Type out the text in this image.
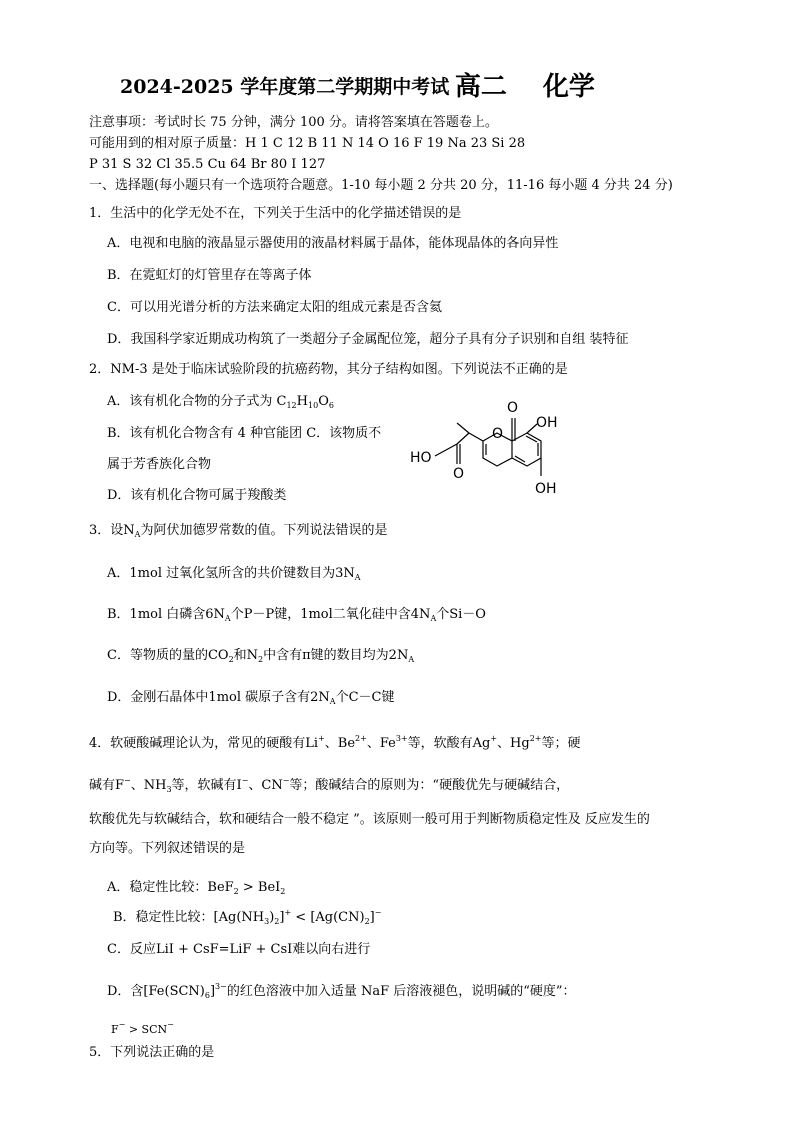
2024-2025 学年度第二学期期中考试 高二 化学
注意事项：考试时长 75 分钟，满分 100 分。请将答案填在答题卷上。
可能用到的相对原子质量：H 1 C 12 B 11 N 14 O 16 F 19 Na 23 Si 28
P 31 S 32 Cl 35.5 Cu 64 Br 80 I 127
一、选择题(每小题只有一个选项符合题意。1-10 每小题 2 分共 20 分，11-16 每小题 4 分共 24 分)
1．生活中的化学无处不在，下列关于生活中的化学描述错误的是
A．电视和电脑的液晶显示器使用的液晶材料属于晶体，能体现晶体的各向异性
B．在霓虹灯的灯管里存在等离子体
C．可以用光谱分析的方法来确定太阳的组成元素是否含氦
D．我国科学家近期成功构筑了一类超分子金属配位笼，超分子具有分子识别和自组 装特征
2．NM-3 是处于临床试验阶段的抗癌药物，其分子结构如图。下列说法不正确的是
A．该有机化合物的分子式为 $C_{12}H_{10}O_6$
B．该有机化合物含有 4 种官能团 C．该物质不
属于芳香族化合物
D．该有机化合物可属于羧酸类
O
OH
HO
O
O
OH
3．设$N_A$为阿伏加德罗常数的值。下列说法错误的是
A．1mol 过氧化氢所含的共价键数目为$3N_A$
B．1mol 白磷含$6N_A$个P－P键，1mol二氧化硅中含$4N_A$个Si－O
C．等物质的量的$CO_2$和$N_2$中含有π键的数目均为$2N_A$
D．金刚石晶体中1mol 碳原子含有$2N_A$个C－C键
4．软硬酸碱理论认为，常见的硬酸有Li+、$Be^{2+}$、$Fe^{3+}$等，软酸有Ag+、$Hg^{2+}$等；硬
碱有F−、$NH_3$等，软碱有I−、CN−等；酸碱结合的原则为：“硬酸优先与硬碱结合，
软酸优先与软碱结合，软和硬结合一般不稳定 ”。该原则一般可用于判断物质稳定性及 反应发生的
方向等。下列叙述错误的是
A．稳定性比较：BeF$_2$ > BeI$_2$
B．稳定性比较：$[Ag(NH_3)_2]^+ < [Ag(CN)_2]^-$
C．反应LiI + CsF=LiF + CsI难以向右进行
D．含$[Fe(SCN)_6]^{3-}$的红色溶液中加入适量 NaF 后溶液褪色，说明碱的“硬度”：
F− > SCN−
5．下列说法正确的是
